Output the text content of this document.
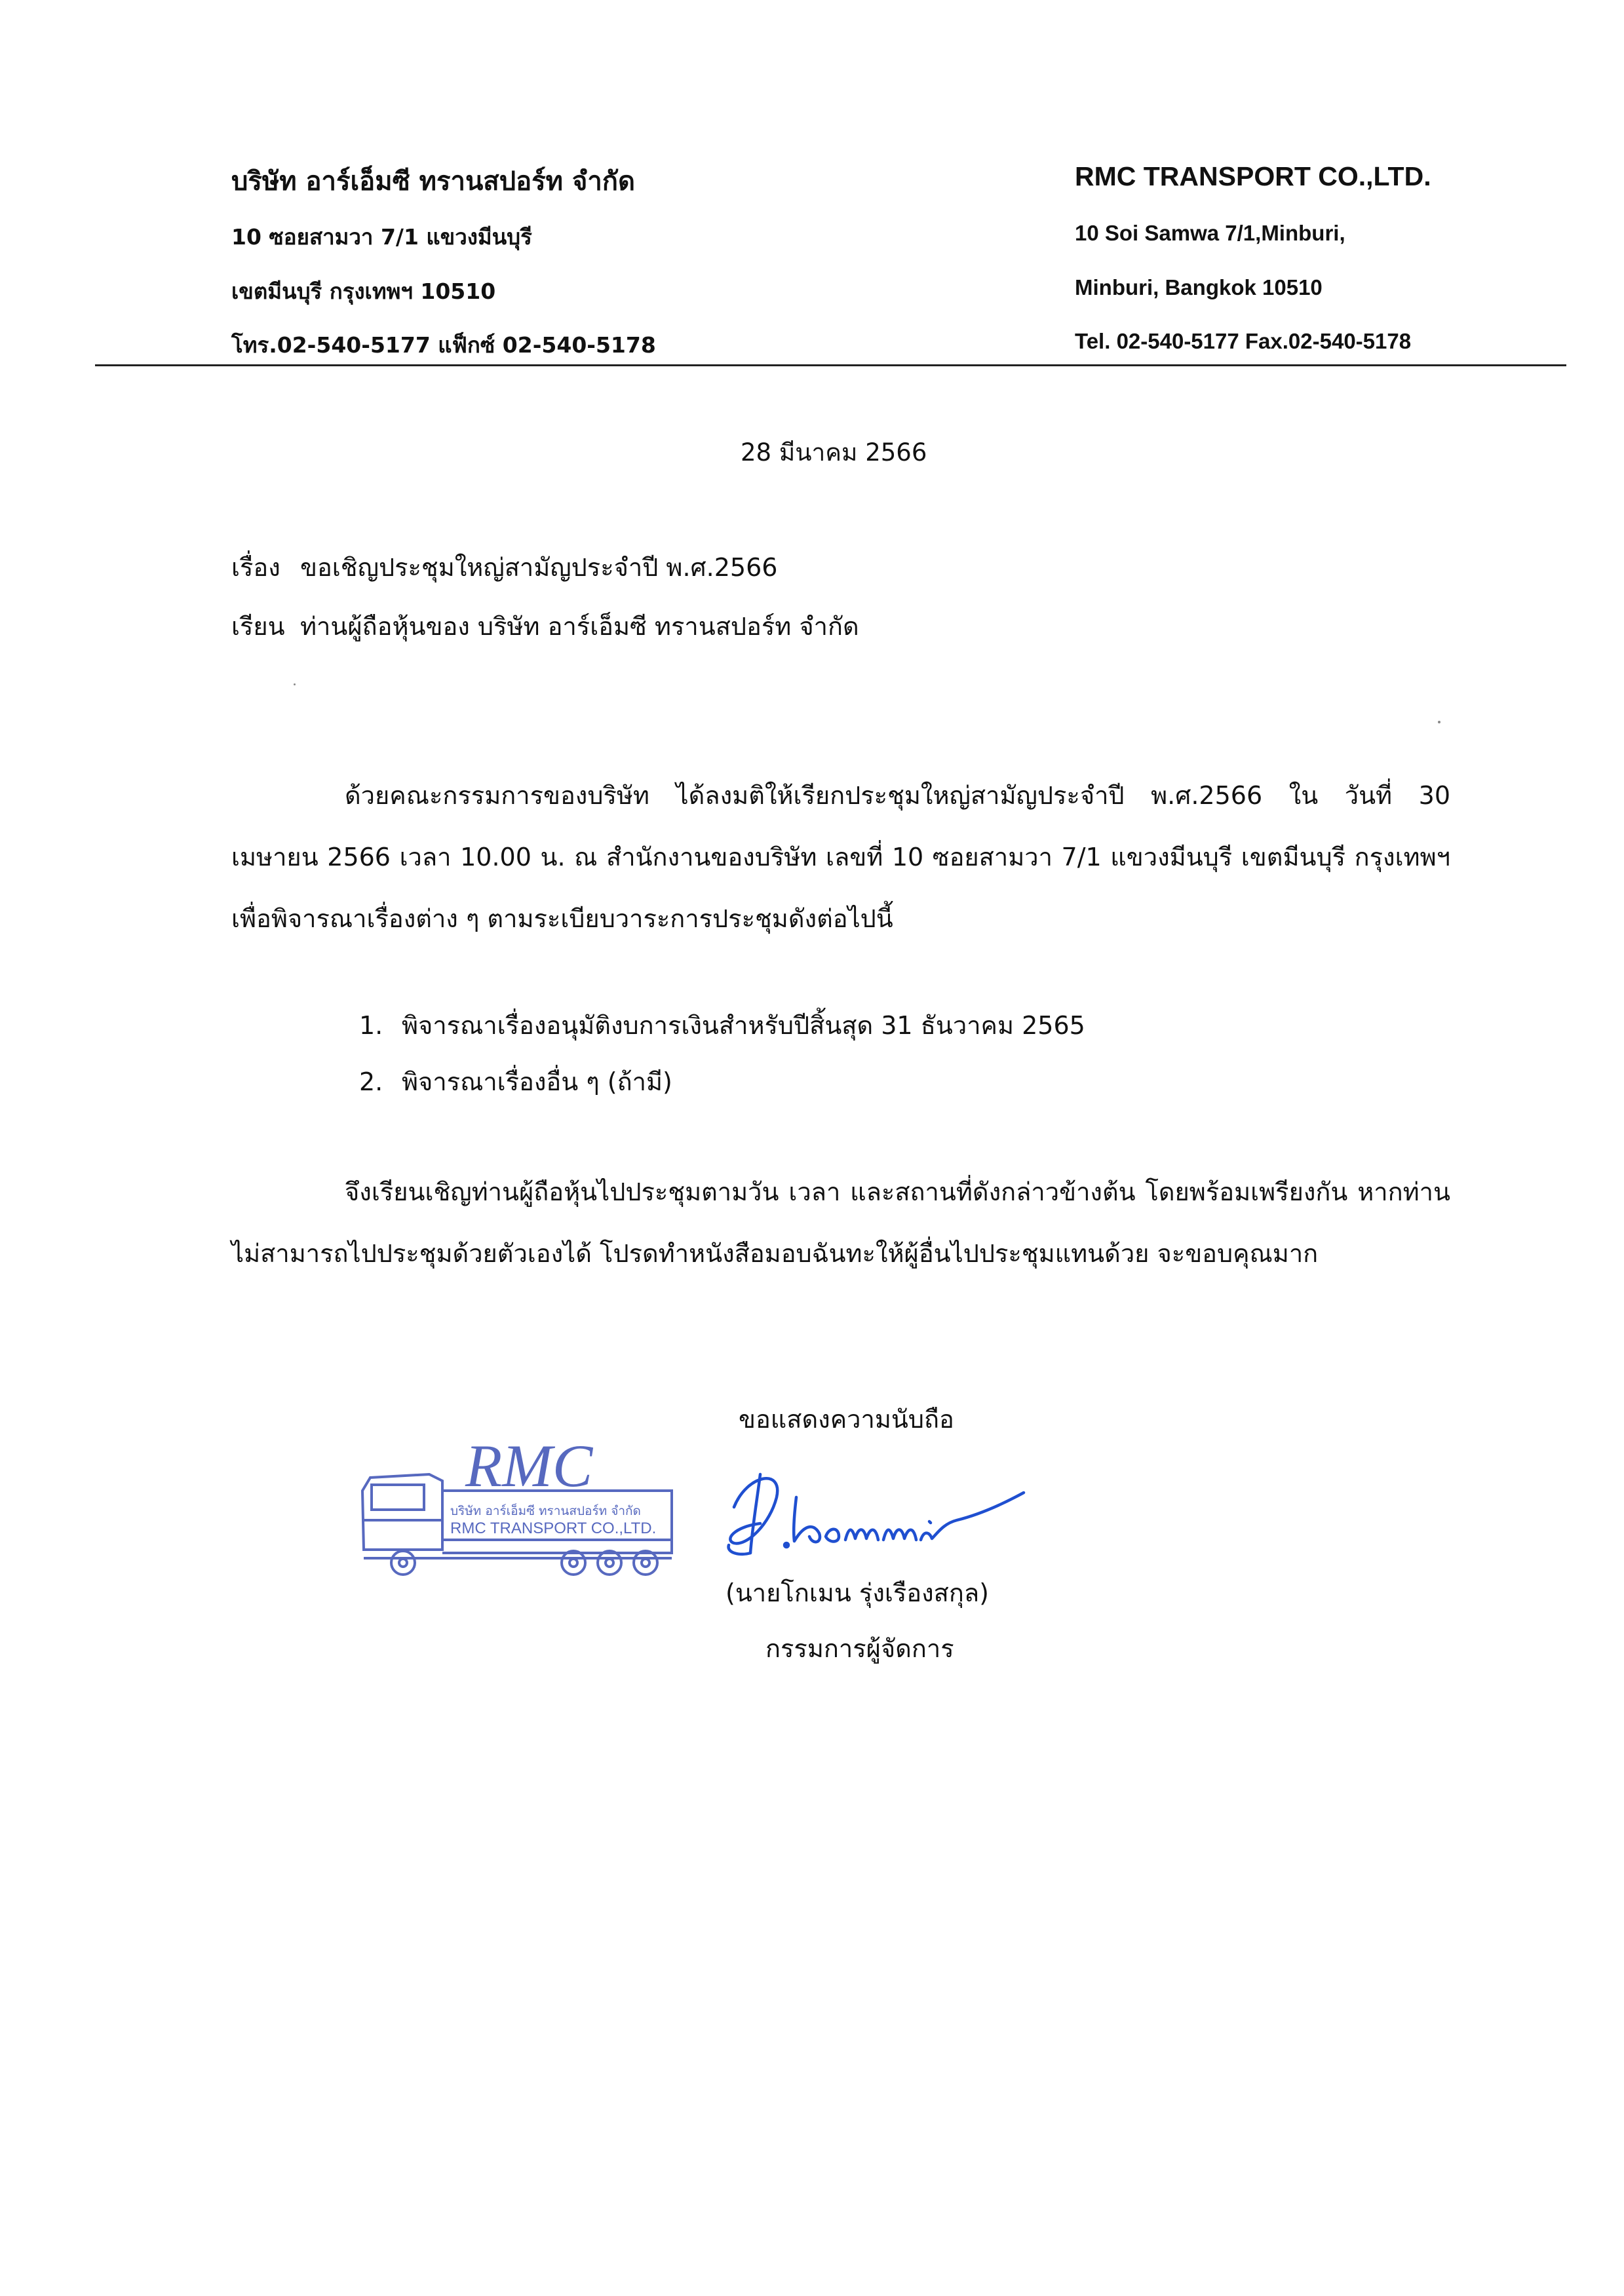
บริษัท อาร์เอ็มซี ทรานสปอร์ท จำกัด
10 ซอยสามวา 7/1 แขวงมีนบุรี
เขตมีนบุรี กรุงเทพฯ 10510
โทร.02-540-5177 แฟ็กซ์ 02-540-5178
RMC TRANSPORT CO.,LTD.
10 Soi Samwa 7/1,Minburi,
Minburi, Bangkok 10510
Tel. 02-540-5177 Fax.02-540-5178
28 มีนาคม 2566
เรื่อง ขอเชิญประชุมใหญ่สามัญประจำปี พ.ศ.2566
เรียน ท่านผู้ถือหุ้นของ บริษัท อาร์เอ็มซี ทรานสปอร์ท จำกัด
ด้วยคณะกรรมการของบริษัท ได้ลงมติให้เรียกประชุมใหญ่สามัญประจำปี พ.ศ.2566 ใน วันที่ 30 เมษายน 2566 เวลา 10.00 น. ณ สำนักงานของบริษัท เลขที่ 10 ซอยสามวา 7/1 แขวงมีนบุรี เขตมีนบุรี กรุงเทพฯ เพื่อพิจารณาเรื่องต่าง ๆ ตามระเบียบวาระการประชุมดังต่อไปนี้
1. พิจารณาเรื่องอนุมัติงบการเงินสำหรับปีสิ้นสุด 31 ธันวาคม 2565
2. พิจารณาเรื่องอื่น ๆ (ถ้ามี)
จึงเรียนเชิญท่านผู้ถือหุ้นไปประชุมตามวัน เวลา และสถานที่ดังกล่าวข้างต้น โดยพร้อมเพรียงกัน หากท่านไม่สามารถไปประชุมด้วยตัวเองได้ โปรดทำหนังสือมอบฉันทะให้ผู้อื่นไปประชุมแทนด้วย จะขอบคุณมาก
ขอแสดงความนับถือ
RMC
บริษัท อาร์เอ็มซี ทรานสปอร์ท จำกัด
RMC TRANSPORT CO.,LTD.
(นายโกเมน รุ่งเรืองสกุล)
กรรมการผู้จัดการ
